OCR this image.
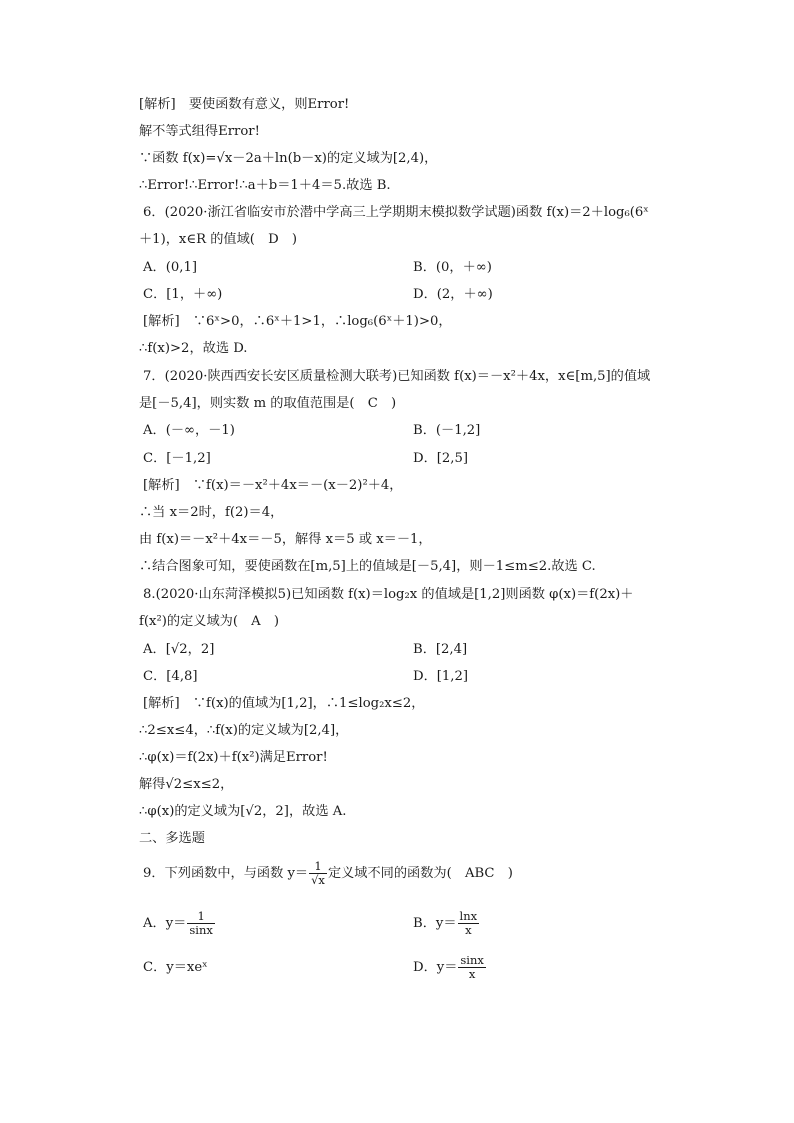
[解析]　要使函数有意义，则Error!
解不等式组得Error!
∵函数 f(x)=√x－2a＋ln(b－x)的定义域为[2,4)，
∴Error!∴Error!∴a＋b＝1＋4＝5.故选 B.
6．(2020·浙江省临安市於潜中学高三上学期期末模拟数学试题)函数 f(x)＝2＋log₆(6ˣ
＋1)，x∈R 的值域(　D　)
A．(0,1]	B．(0，＋∞)
C．[1，＋∞)	D．(2，＋∞)
[解析]　∵6ˣ>0，∴6ˣ＋1>1，∴log₆(6ˣ＋1)>0，
∴f(x)>2，故选 D.
7．(2020·陕西西安长安区质量检测大联考)已知函数 f(x)＝－x²＋4x，x∈[m,5]的值域
是[－5,4]，则实数 m 的取值范围是(　C　)
A．(－∞，－1)	B．(－1,2]
C．[－1,2]	D．[2,5]
[解析]　∵f(x)＝－x²＋4x＝－(x－2)²＋4，
∴当 x＝2时，f(2)＝4，
由 f(x)＝－x²＋4x＝－5，解得 x＝5 或 x＝－1，
∴结合图象可知，要使函数在[m,5]上的值域是[－5,4]，则－1≤m≤2.故选 C.
8.(2020·山东菏泽模拟5)已知函数 f(x)＝log₂x 的值域是[1,2]则函数 φ(x)＝f(2x)＋
f(x²)的定义域为(　A　)
A．[√2，2]	B．[2,4]
C．[4,8]	D．[1,2]
[解析]　∵f(x)的值域为[1,2]，∴1≤log₂x≤2，
∴2≤x≤4，∴f(x)的定义域为[2,4]，
∴φ(x)＝f(2x)＋f(x²)满足Error!
解得√2≤x≤2，
∴φ(x)的定义域为[√2，2]，故选 A.
二、多选题
9．下列函数中，与函数 $y= \frac{1}{√x}$ 定义域不同的函数为(　ABC　)
A．$y= \frac{1}{\sin x}$	B．$y= \frac{\ln x}{x}$
C．y＝xeˣ	D．$y= \frac{\sin x}{x}$
